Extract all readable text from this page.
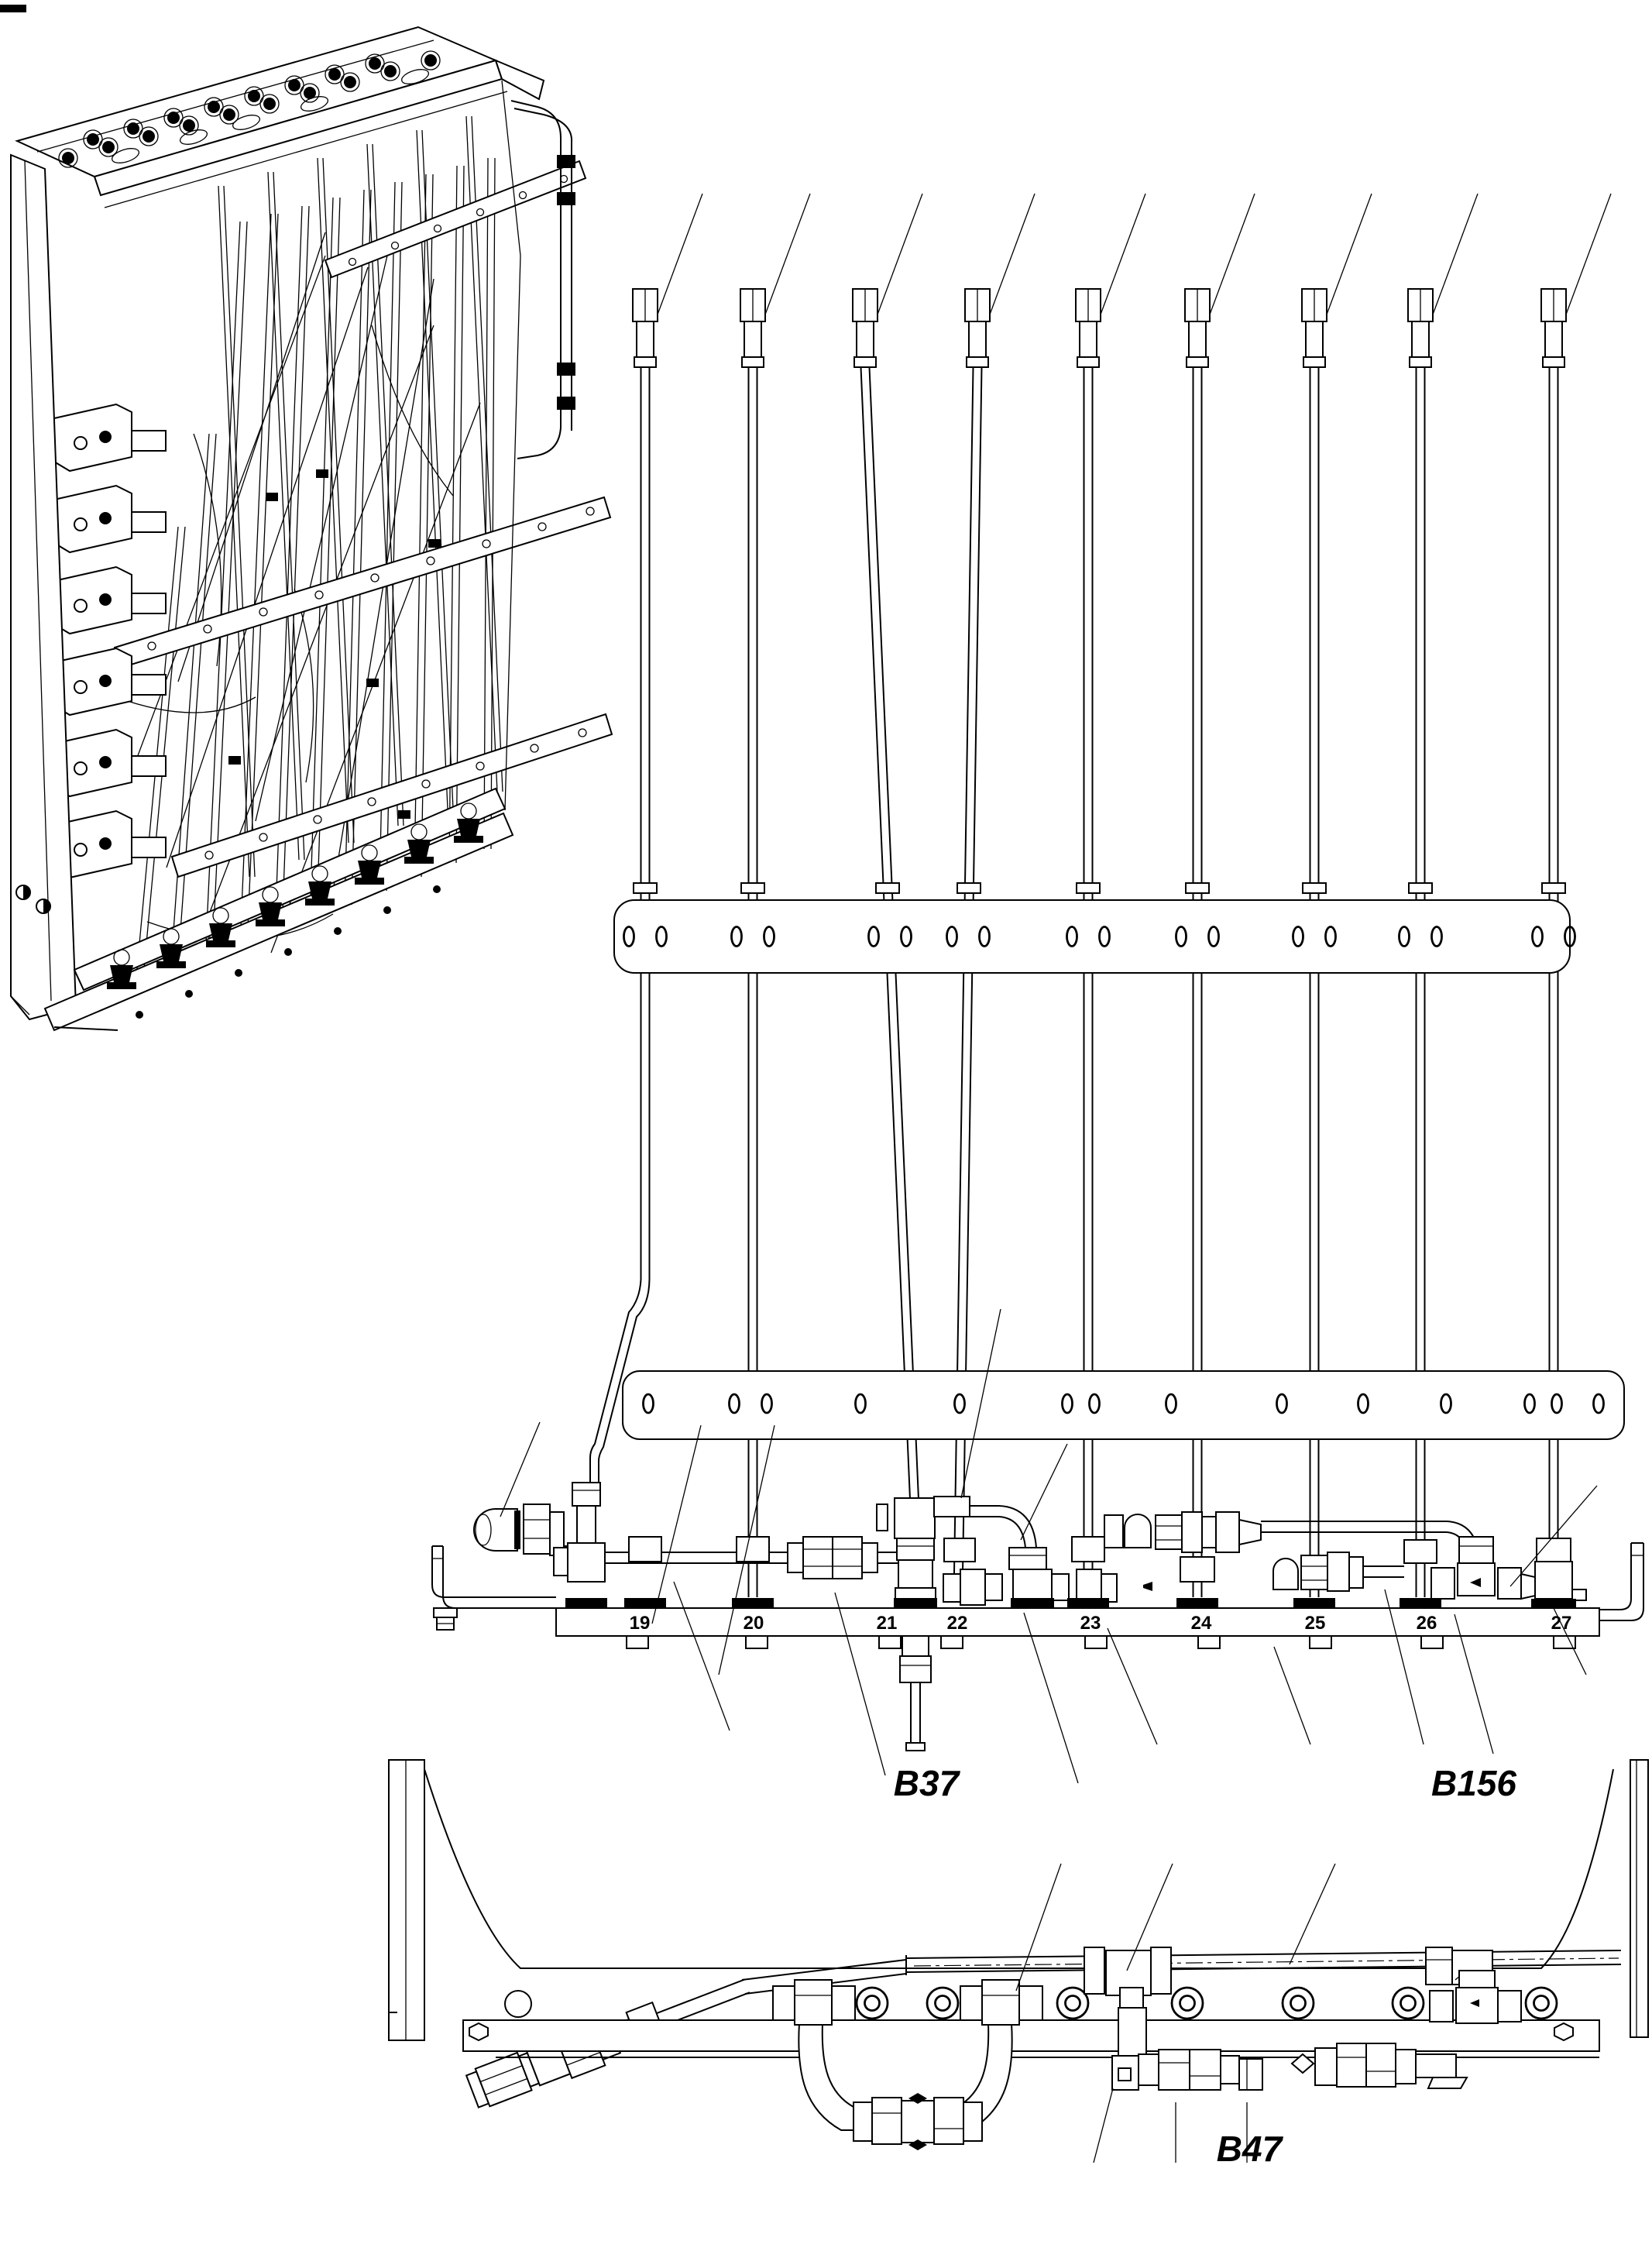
19	20	21	22	23	24	25	26	27
B37	B156
B47
